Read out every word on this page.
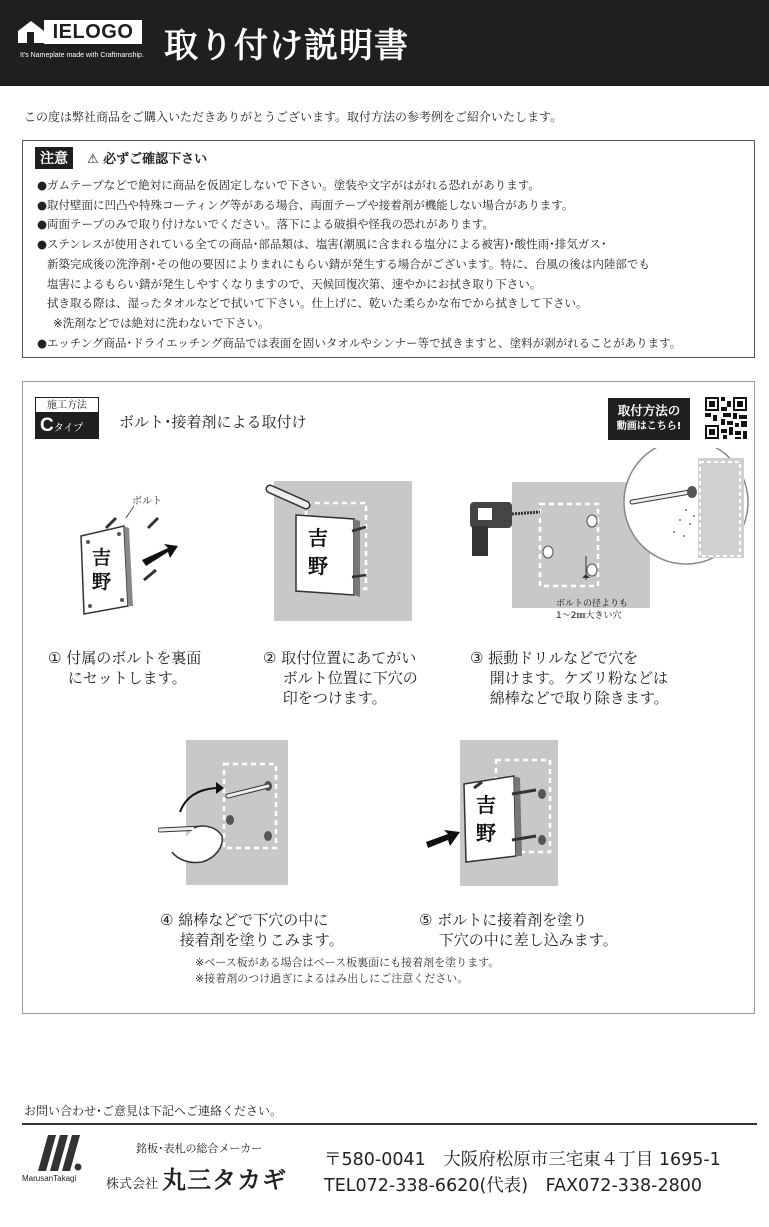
IELOGO
It's Nameplate made with Craftmanship. 取り付け説明書
この度は弊社商品をご購入いただきありがとうございます。取付方法の参考例をご紹介いたします。
注意	⚠ 必ずご確認下さい
●ガムテープなどで絶対に商品を仮固定しないで下さい。塗装や文字がはがれる恐れがあります。
●取付壁面に凹凸や特殊コーティング等がある場合、両面テープや接着剤が機能しない場合があります。
●両面テープのみで取り付けないでください。落下による破損や怪我の恐れがあります。
●ステンレスが使用されている全ての商品･部品類は、塩害(潮風に含まれる塩分による被害)･酸性雨･排気ガス･
新築完成後の洗浄剤･その他の要因によりまれにもらい錆が発生する場合がございます。特に、台風の後は内陸部でも
塩害によるもらい錆が発生しやすくなりますので、天候回復次第、速やかにお拭き取り下さい。
拭き取る際は、湿ったタオルなどで拭いて下さい。仕上げに、乾いた柔らかな布でから拭きして下さい。
※洗剤などでは絶対に洗わないで下さい。
●エッチング商品･ドライエッチング商品では表面を固いタオルやシンナー等で拭きますと、塗料が剥がれることがあります。
施工方法
Cタイプ	ボルト･接着剤による取付け
取付方法の
動画はこちら!
ボルト
吉
野
吉
野
ボルトの径よりも
1～2㎜大きい穴
吉
野
① 付属のボルトを裏面
　 にセットします。
② 取付位置にあてがい
　 ボルト位置に下穴の
　 印をつけます。
③ 振動ドリルなどで穴を
　 開けます。ケズリ粉などは
　 綿棒などで取り除きます。
④ 綿棒などで下穴の中に
　 接着剤を塗りこみます。
⑤ ボルトに接着剤を塗り
　 下穴の中に差し込みます。
※ベース板がある場合はベース板裏面にも接着剤を塗ります。
※接着剤のつけ過ぎによるはみ出しにご注意ください。
お問い合わせ･ご意見は下記へご連絡ください。
MarusanTakagi
銘板･表札の総合メーカー
株式会社 丸三タカギ
〒580-0041　大阪府松原市三宅東４丁目 1695-1
TEL072-338-6620(代表)　FAX072-338-2800
